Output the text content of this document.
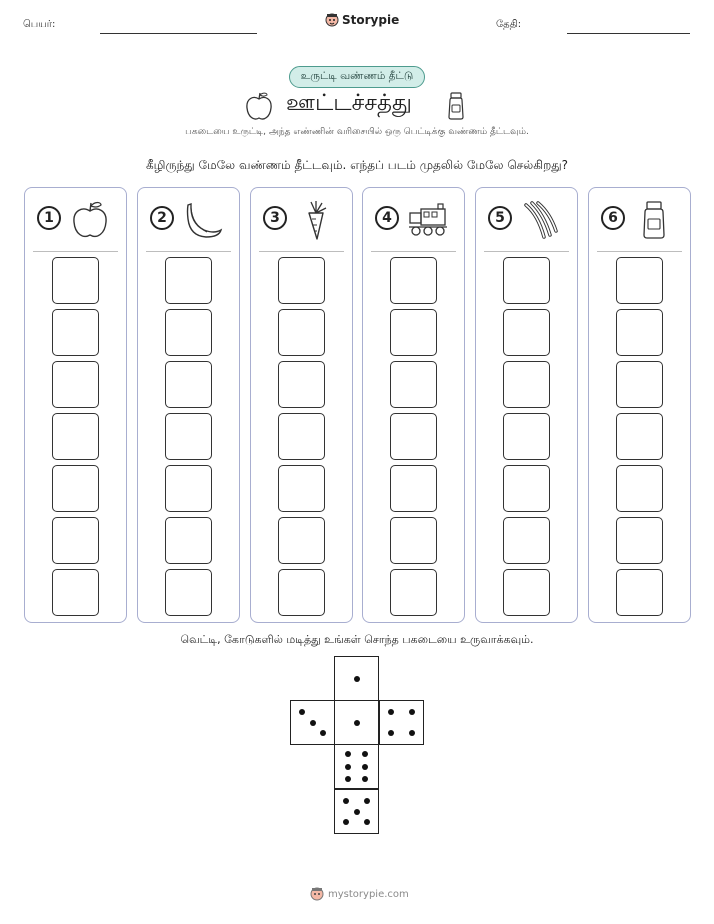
பெயர்:	Storypie	தேதி:
உருட்டி வண்ணம் தீட்டு
ஊட்டச்சத்து
பகடையை உருட்டி, அந்த எண்ணின் வரிசையில் ஒரு பெட்டிக்கு வண்ணம் தீட்டவும்.
கீழிருந்து மேலே வண்ணம் தீட்டவும். எந்தப் படம் முதலில் மேலே செல்கிறது?
1	2	3	4	5	6
வெட்டி, கோடுகளில் மடித்து உங்கள் சொந்த பகடையை உருவாக்கவும்.
mystorypie.com
